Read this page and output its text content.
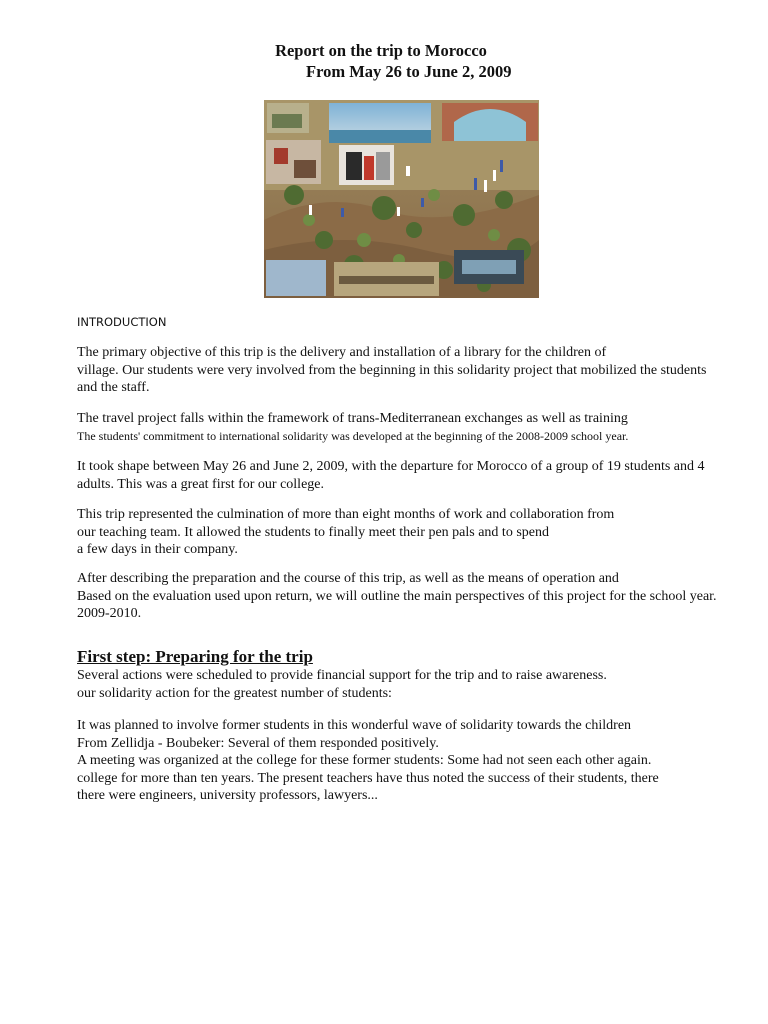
Report on the trip to Morocco
From May 26 to June 2, 2009
INTRODUCTION
The primary objective of this trip is the delivery and installation of a library for the children of
village. Our students were very involved from the beginning in this solidarity project that mobilized the students
and the staff.
The travel project falls within the framework of trans-Mediterranean exchanges as well as training
The students' commitment to international solidarity was developed at the beginning of the 2008-2009 school year.
It took shape between May 26 and June 2, 2009, with the departure for Morocco of a group of 19 students and 4
adults. This was a great first for our college.
This trip represented the culmination of more than eight months of work and collaboration from
our teaching team. It allowed the students to finally meet their pen pals and to spend
a few days in their company.
After describing the preparation and the course of this trip, as well as the means of operation and
Based on the evaluation used upon return, we will outline the main perspectives of this project for the school year.
2009-2010.
First step: Preparing for the trip
Several actions were scheduled to provide financial support for the trip and to raise awareness.
our solidarity action for the greatest number of students:
It was planned to involve former students in this wonderful wave of solidarity towards the children
From Zellidja - Boubeker: Several of them responded positively.
A meeting was organized at the college for these former students: Some had not seen each other again.
college for more than ten years. The present teachers have thus noted the success of their students, there
there were engineers, university professors, lawyers...
